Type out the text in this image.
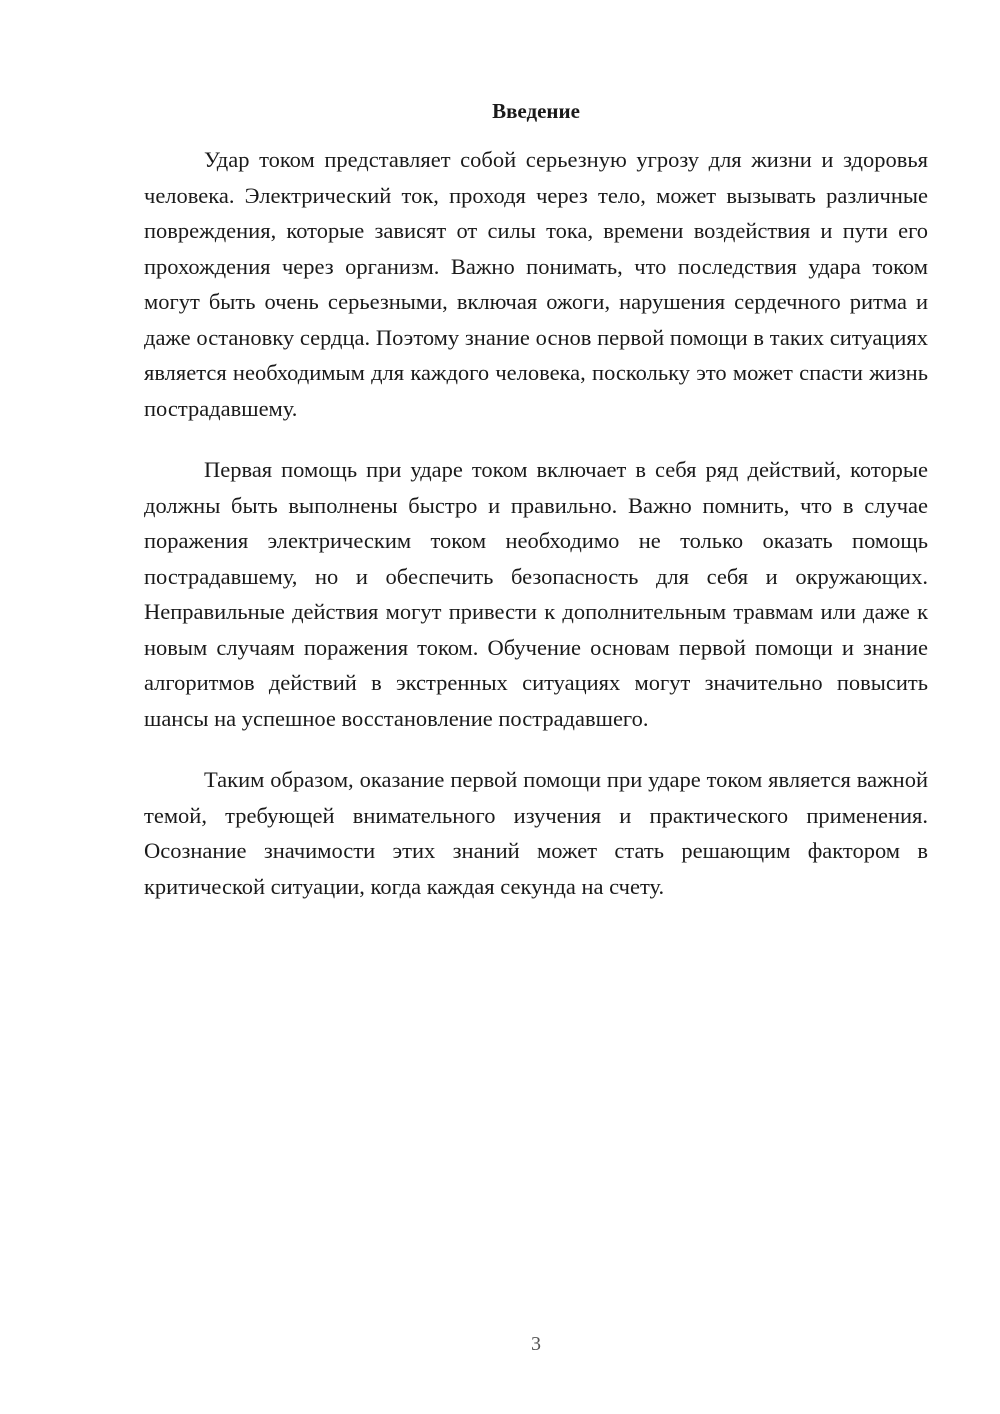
Введение

Удар током представляет собой серьезную угрозу для жизни и здоровья человека. Электрический ток, проходя через тело, может вызывать различные повреждения, которые зависят от силы тока, времени воздействия и пути его прохождения через организм. Важно понимать, что последствия удара током могут быть очень серьезными, включая ожоги, нарушения сердечного ритма и даже остановку сердца. Поэтому знание основ первой помощи в таких ситуациях является необходимым для каждого человека, поскольку это может спасти жизнь пострадавшему.

Первая помощь при ударе током включает в себя ряд действий, которые должны быть выполнены быстро и правильно. Важно помнить, что в случае поражения электрическим током необходимо не только оказать помощь пострадавшему, но и обеспечить безопасность для себя и окружающих. Неправильные действия могут привести к дополнительным травмам или даже к новым случаям поражения током. Обучение основам первой помощи и знание алгоритмов действий в экстренных ситуациях могут значительно повысить шансы на успешное восстановление пострадавшего.

Таким образом, оказание первой помощи при ударе током является важной темой, требующей внимательного изучения и практического применения. Осознание значимости этих знаний может стать решающим фактором в критической ситуации, когда каждая секунда на счету.

3
